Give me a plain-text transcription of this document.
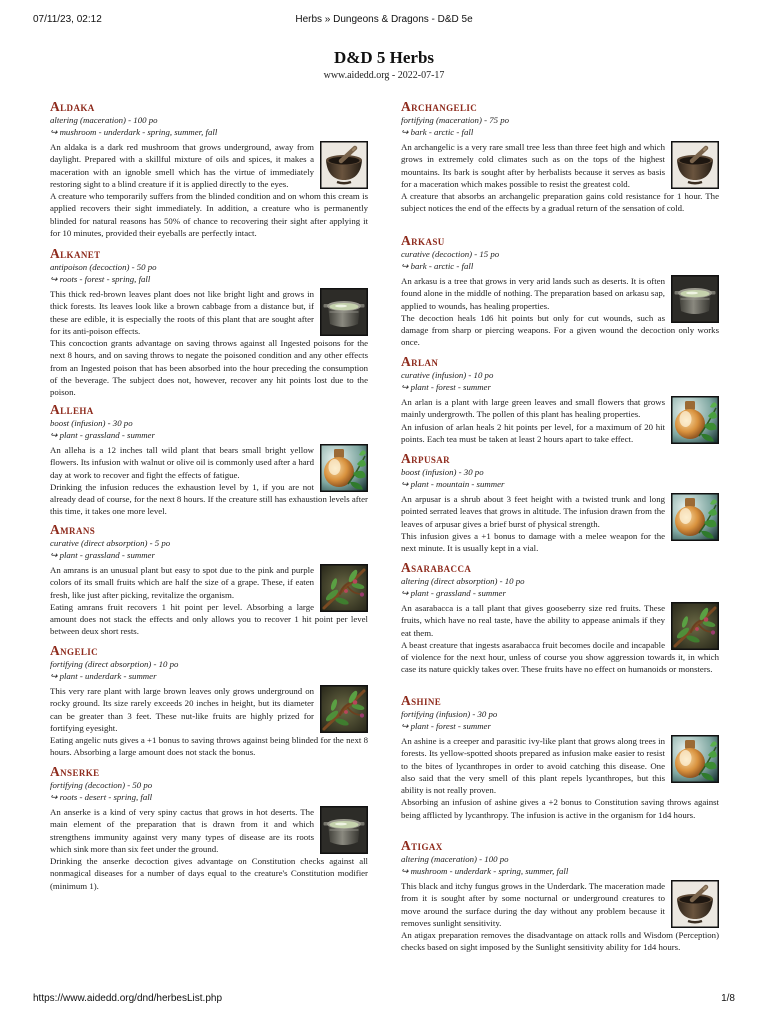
07/11/23, 02:12	Herbs » Dungeons & Dragons - D&D 5e
D&D 5 Herbs
www.aidedd.org - 2022-07-17
Aldaka
altering (maceration) - 100 po
↪ mushroom - underdark - spring, summer, fall

An aldaka is a dark red mushroom that grows underground, away from daylight. Prepared with a skillful mixture of oils and spices, it makes a maceration with an ignoble smell which has the virtue of immediately restoring sight to a blind creature if it is applied directly to the eyes.

A creature who temporarily suffers from the blinded condition and on whom this cream is applied recovers their sight immediately. In addition, a creature who is permanently blinded for natural reasons has 50% of chance to recovering their sight after applying it for 10 minutes, provided their eyeballs are perfectly intact.

Alkanet
antipoison (decoction) - 50 po
↪ roots - forest - spring, fall

This thick red-brown leaves plant does not like bright light and grows in thick forests. Its leaves look like a brown cabbage from a distance but, if these are edible, it is especially the roots of this plant that are sought after for its anti-poison effects.

This concoction grants advantage on saving throws against all Ingested poisons for the next 8 hours, and on saving throws to negate the poisoned condition and any other effects from an Ingested poison that has been absorbed into the hour preceding the consumption of the beverage. The subject does not, however, recover any hit points lost due to the poison.

Alleha
boost (infusion) - 30 po
↪ plant - grassland - summer

An alleha is a 12 inches tall wild plant that bears small bright yellow flowers. Its infusion with walnut or olive oil is commonly used after a hard day at work to recover and fight the effects of fatigue.

Drinking the infusion reduces the exhaustion level by 1, if you are not already dead of course, for the next 8 hours. If the creature still has exhaustion levels after this time, it takes one more level.

Amrans
curative (direct absorption) - 5 po
↪ plant - grassland - summer

An amrans is an unusual plant but easy to spot due to the pink and purple colors of its small fruits which are half the size of a grape. These, if eaten fresh, like just after picking, revitalize the organism.

Eating amrans fruit recovers 1 hit point per level. Absorbing a large amount does not stack the effects and only allows you to recover 1 hit point per level between deux short rests.

Angelic
fortifying (direct absorption) - 10 po
↪ plant - underdark - summer

This very rare plant with large brown leaves only grows underground on rocky ground. Its size rarely exceeds 20 inches in height, but its diameter can be greater than 3 feet. These nut-like fruits are highly prized for fortifying eyesight.

Eating angelic nuts gives a +1 bonus to saving throws against being blinded for the next 8 hours. Absorbing a large amount does not stack the bonus.

Anserke
fortifying (decoction) - 50 po
↪ roots - desert - spring, fall

An anserke is a kind of very spiny cactus that grows in hot deserts. The main element of the preparation that is drawn from it and which strengthens immunity against very many types of disease are its roots which sink more than six feet under the ground.

Drinking the anserke decoction gives advantage on Constitution checks against all nonmagical diseases for a number of days equal to the creature's Constitution modifier (minimum 1).

Archangelic
fortifying (maceration) - 75 po
↪ bark - arctic - fall

An archangelic is a very rare small tree less than three feet high and which grows in extremely cold climates such as on the tops of the highest mountains. Its bark is sought after by herbalists because it serves as basis for a maceration which makes possible to resist the greatest cold.

A creature that absorbs an archangelic preparation gains cold resistance for 1 hour. The subject notices the end of the effects by a gradual return of the sensation of cold.

Arkasu
curative (decoction) - 15 po
↪ bark - arctic - fall

An arkasu is a tree that grows in very arid lands such as deserts. It is often found alone in the middle of nothing. The preparation based on arkasu sap, applied to wounds, has healing properties.

The decoction heals 1d6 hit points but only for cut wounds, such as damage from sharp or piercing weapons. For a given wound the decoction only works once.

Arlan
curative (infusion) - 10 po
↪ plant - forest - summer

An arlan is a plant with large green leaves and small flowers that grows mainly undergrowth. The pollen of this plant has healing properties.

An infusion of arlan heals 2 hit points per level, for a maximum of 20 hit points. Each tea must be taken at least 2 hours apart to take effect.

Arpusar
boost (infusion) - 30 po
↪ plant - mountain - summer

An arpusar is a shrub about 3 feet height with a twisted trunk and long pointed serrated leaves that grows in altitude. The infusion drawn from the leaves of arpusar gives a brief burst of physical strength.

This infusion gives a +1 bonus to damage with a melee weapon for the next minute. It is usually kept in a vial.

Asarabacca
altering (direct absorption) - 10 po
↪ plant - grassland - summer

An asarabacca is a tall plant that gives gooseberry size red fruits. These fruits, which have no real taste, have the ability to appease animals if they eat them.

A beast creature that ingests asarabacca fruit becomes docile and incapable of violence for the next hour, unless of course you show aggression towards it, in which case its nature quickly takes over. These fruits have no effect on humanoids or monsters.

Ashine
fortifying (infusion) - 30 po
↪ plant - forest - summer

An ashine is a creeper and parasitic ivy-like plant that grows along trees in forests. Its yellow-spotted shoots prepared as infusion make easier to resist to the bites of lycanthropes in order to avoid catching this disease. One also said that the very smell of this plant repels lycanthropes, but this ability is not really proven.

Absorbing an infusion of ashine gives a +2 bonus to Constitution saving throws against being afflicted by lycanthropy. The infusion is active in the organism for 1d4 hours.

Atigax
altering (maceration) - 100 po
↪ mushroom - underdark - spring, summer, fall

This black and itchy fungus grows in the Underdark. The maceration made from it is sought after by some nocturnal or underground creatures to move around the surface during the day without any problem because it removes sunlight sensitivity.

An atigax preparation removes the disadvantage on attack rolls and Wisdom (Perception) checks based on sight imposed by the Sunlight sensitivity ability for 1d4 hours.

https://www.aidedd.org/dnd/herbesList.php	1/8
